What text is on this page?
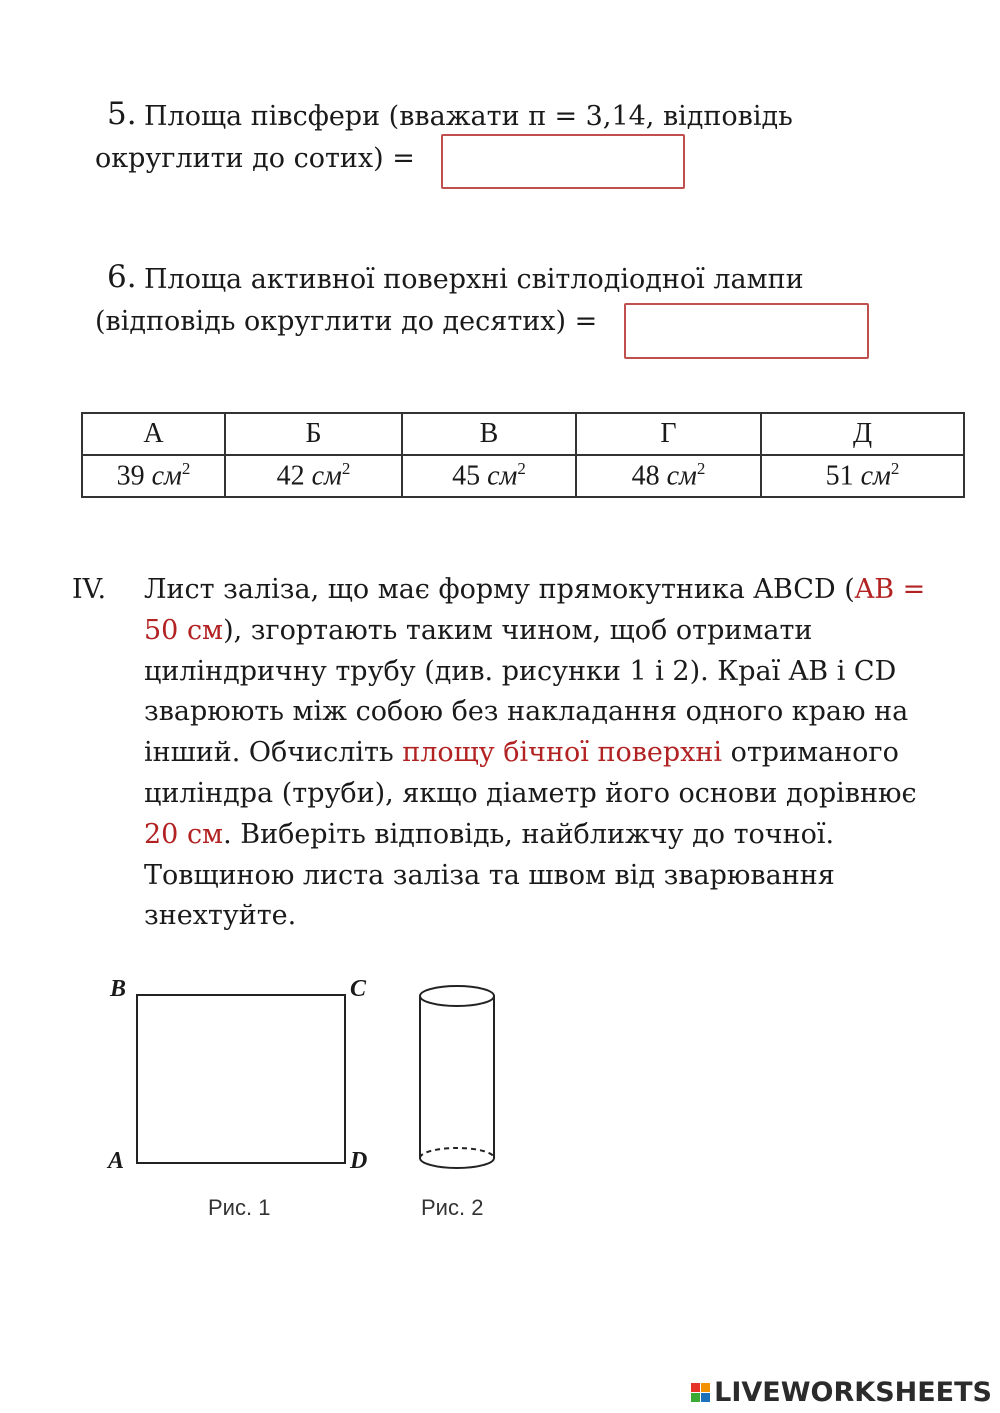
5. Площа півсфери (вважати π = 3,14, відповідь
округлити до сотих) =
6. Площа активної поверхні світлодіодної лампи
(відповідь округлити до десятих) =
А	Б	В	Г	Д
39 $см^2$	42 $см^2$	45 $см^2$	48 $см^2$	51 $см^2$
IV. Лист заліза, що має форму прямокутника ABCD (AB = 50 см), згортають таким чином, щоб отримати циліндричну трубу (див. рисунки 1 і 2). Краї AB і CD зварюють між собою без накладання одного краю на інший. Обчисліть площу бічної поверхні отриманого циліндра (труби), якщо діаметр його основи дорівнює 20 см. Виберіть відповідь, найближчу до точної. Товщиною листа заліза та швом від зварювання знехтуйте.
B	C
A	D
Рис. 1	Рис. 2
LIVEWORKSHEETS
